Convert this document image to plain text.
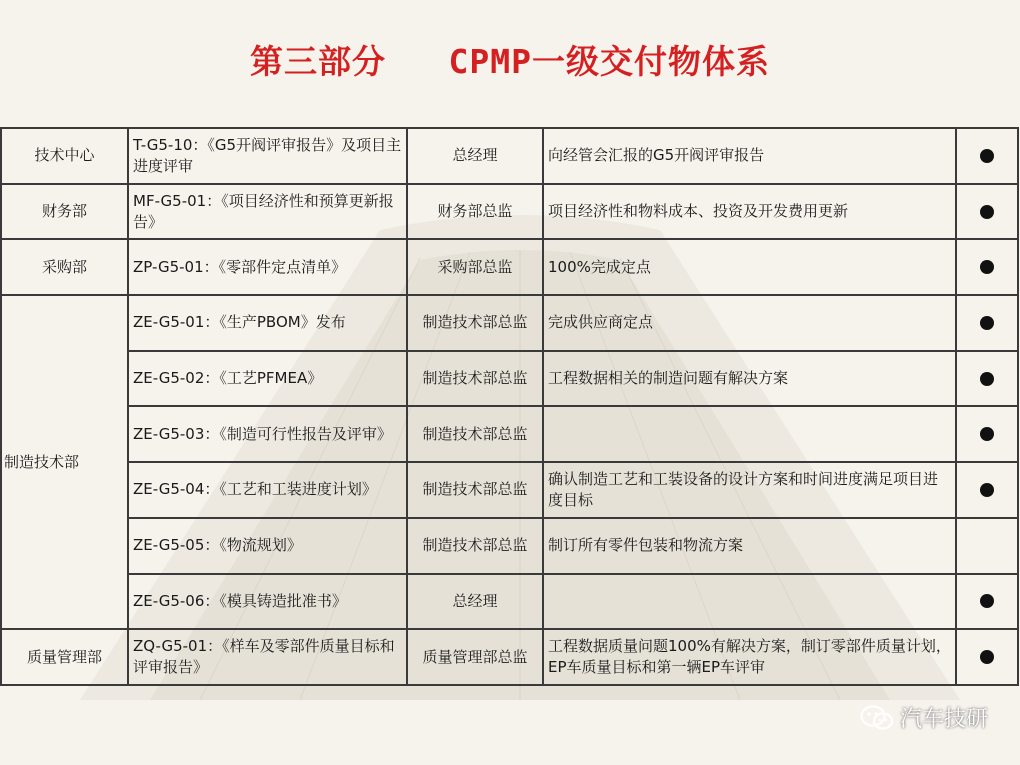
第三部分   CPMP一级交付物体系
技术中心	T-G5-10：《G5开阀评审报告》及项目主进度评审	总经理	向经管会汇报的G5开阀评审报告	
财务部	MF-G5-01：《项目经济性和预算更新报告》	财务部总监	项目经济性和物料成本、投资及开发费用更新	
采购部	ZP-G5-01：《零部件定点清单》	采购部总监	100%完成定点	
制造技术部	ZE-G5-01：《生产PBOM》发布	制造技术部总监	完成供应商定点	
	ZE-G5-02：《工艺PFMEA》	制造技术部总监	工程数据相关的制造问题有解决方案	
	ZE-G5-03：《制造可行性报告及评审》	制造技术部总监		
	ZE-G5-04：《工艺和工装进度计划》	制造技术部总监	确认制造工艺和工装设备的设计方案和时间进度满足项目进度目标	
	ZE-G5-05：《物流规划》	制造技术部总监	制订所有零件包装和物流方案	
	ZE-G5-06：《模具铸造批准书》	总经理		
质量管理部	ZQ-G5-01：《样车及零部件质量目标和评审报告》	质量管理部总监	工程数据质量问题100%有解决方案，制订零部件质量计划，EP车质量目标和第一辆EP车评审	
汽车技研
